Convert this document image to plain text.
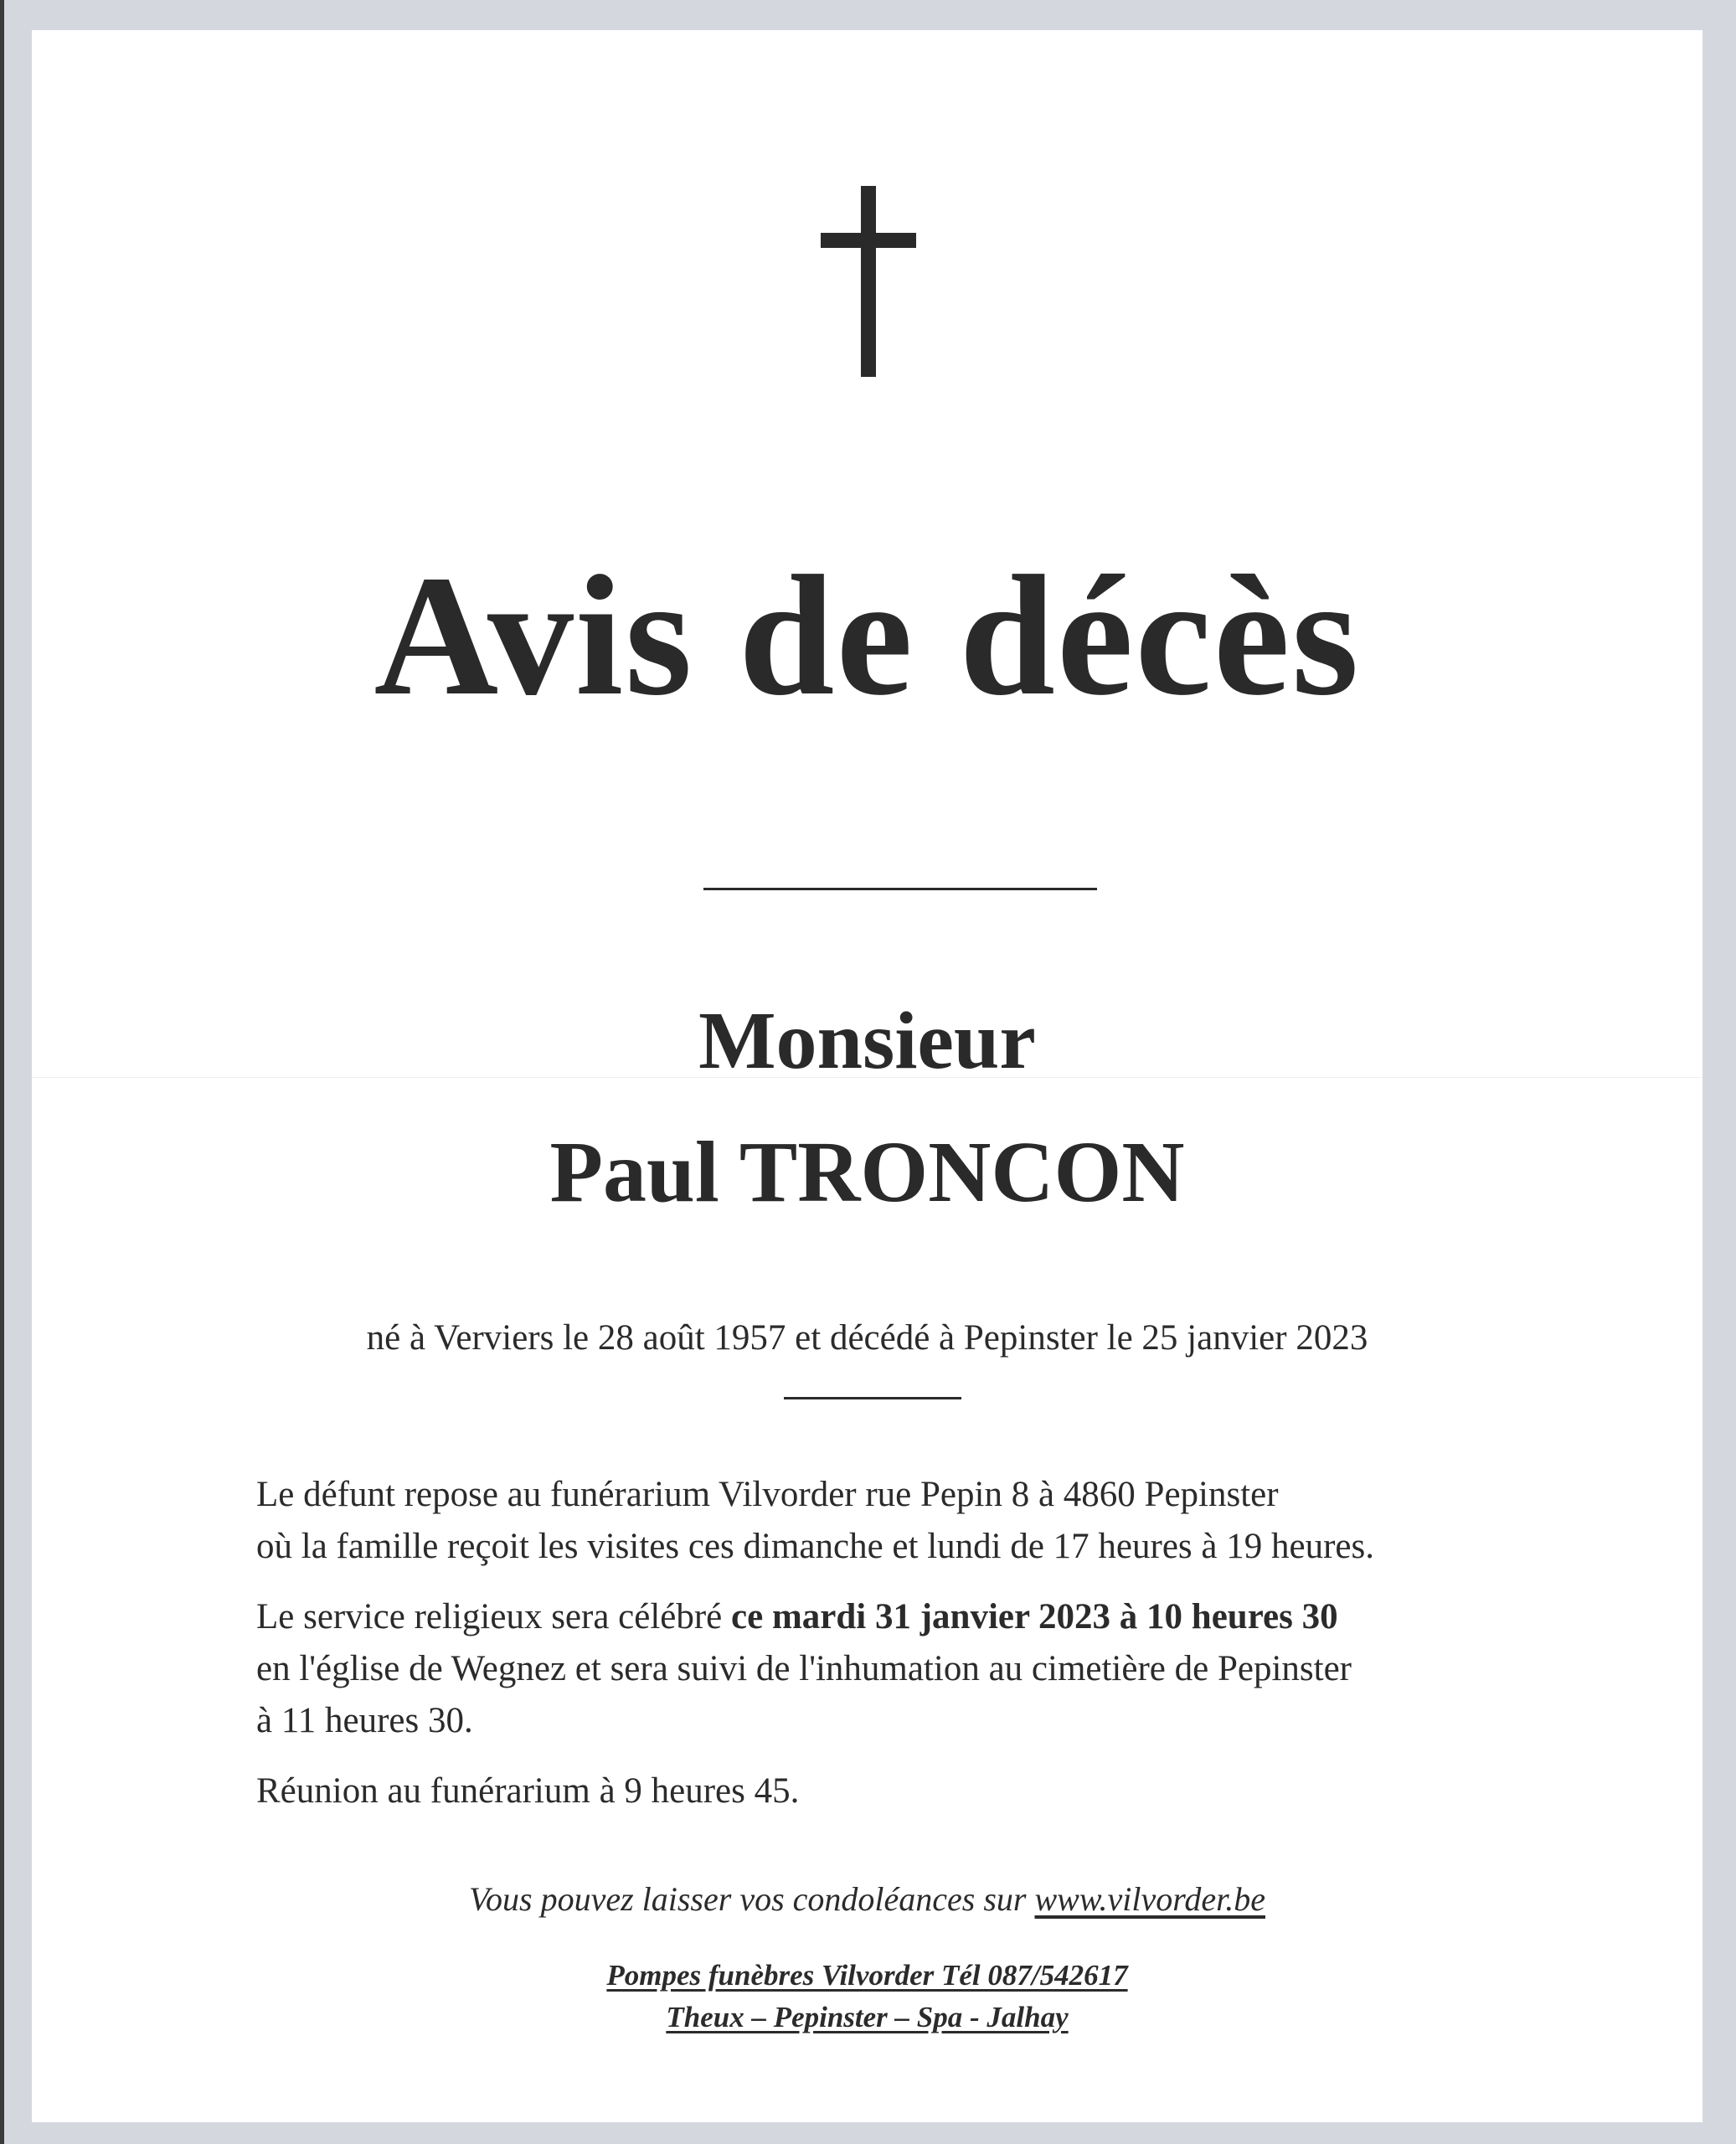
Avis de décès
Monsieur
Paul TRONCON
né à Verviers le 28 août 1957 et décédé à Pepinster le 25 janvier 2023

Le défunt repose au funérarium Vilvorder rue Pepin 8 à 4860 Pepinster
où la famille reçoit les visites ces dimanche et lundi de 17 heures à 19 heures.

Le service religieux sera célébré ce mardi 31 janvier 2023 à 10 heures 30
en l'église de Wegnez et sera suivi de l'inhumation au cimetière de Pepinster
à 11 heures 30.

Réunion au funérarium à 9 heures 45.

Vous pouvez laisser vos condoléances sur www.vilvorder.be
Pompes funèbres Vilvorder Tél 087/542617
Theux – Pepinster – Spa - Jalhay
